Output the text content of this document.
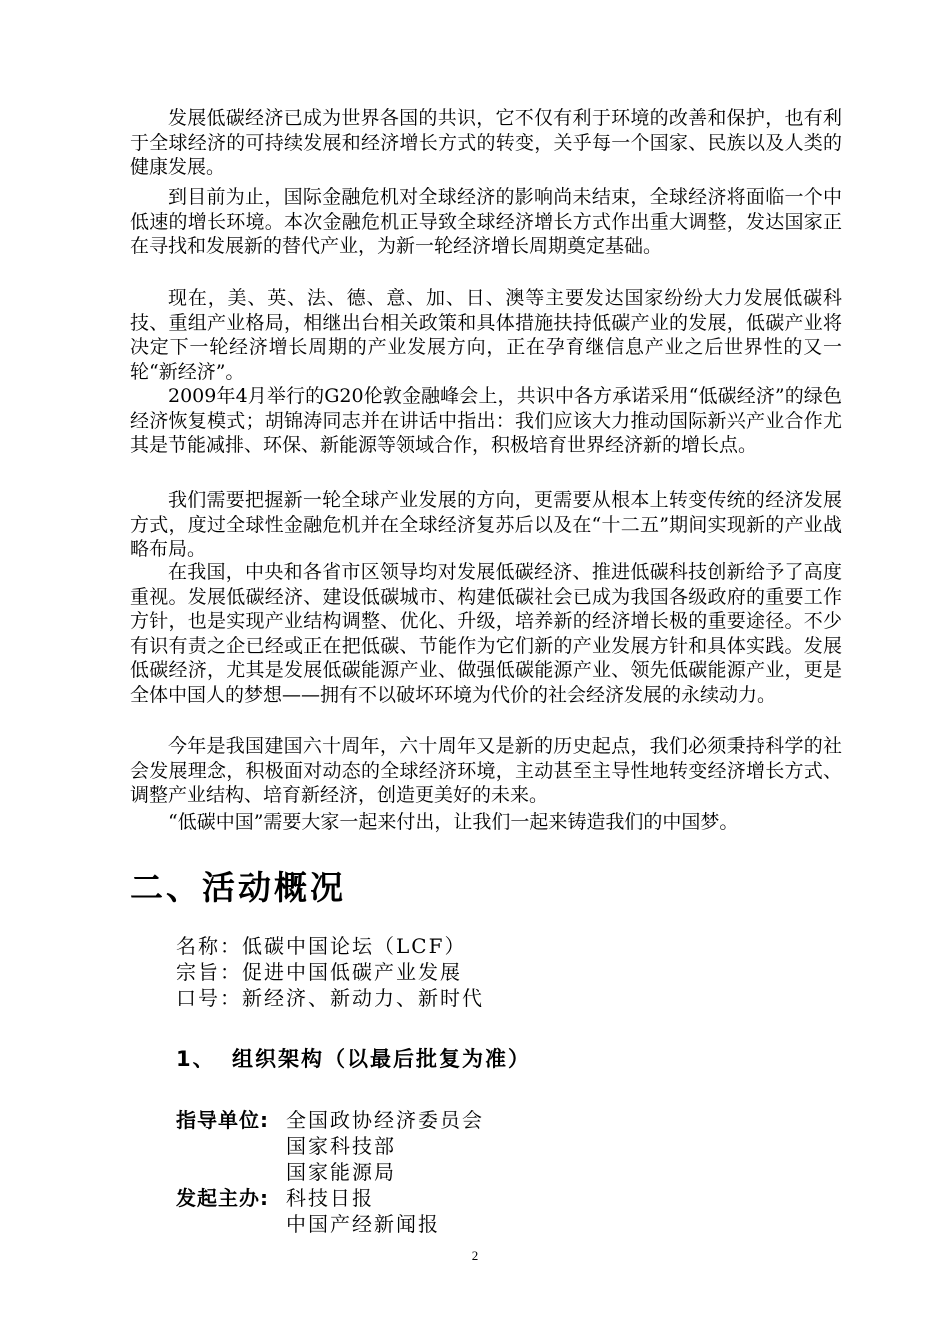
发展低碳经济已成为世界各国的共识，它不仅有利于环境的改善和保护，也有利于全球经济的可持续发展和经济增长方式的转变，关乎每一个国家、民族以及人类的健康发展。

到目前为止，国际金融危机对全球经济的影响尚未结束，全球经济将面临一个中低速的增长环境。本次金融危机正导致全球经济增长方式作出重大调整，发达国家正在寻找和发展新的替代产业，为新一轮经济增长周期奠定基础。

现在，美、英、法、德、意、加、日、澳等主要发达国家纷纷大力发展低碳科技、重组产业格局，相继出台相关政策和具体措施扶持低碳产业的发展，低碳产业将决定下一轮经济增长周期的产业发展方向，正在孕育继信息产业之后世界性的又一轮“新经济”。

2009年4月举行的G20伦敦金融峰会上，共识中各方承诺采用“低碳经济”的绿色经济恢复模式；胡锦涛同志并在讲话中指出：我们应该大力推动国际新兴产业合作尤其是节能减排、环保、新能源等领域合作，积极培育世界经济新的增长点。

我们需要把握新一轮全球产业发展的方向，更需要从根本上转变传统的经济发展方式，度过全球性金融危机并在全球经济复苏后以及在“十二五”期间实现新的产业战略布局。

在我国，中央和各省市区领导均对发展低碳经济、推进低碳科技创新给予了高度重视。发展低碳经济、建设低碳城市、构建低碳社会已成为我国各级政府的重要工作方针，也是实现产业结构调整、优化、升级，培养新的经济增长极的重要途径。不少有识有责之企已经或正在把低碳、节能作为它们新的产业发展方针和具体实践。发展低碳经济，尤其是发展低碳能源产业、做强低碳能源产业、领先低碳能源产业，更是全体中国人的梦想——拥有不以破坏环境为代价的社会经济发展的永续动力。

今年是我国建国六十周年，六十周年又是新的历史起点，我们必须秉持科学的社会发展理念，积极面对动态的全球经济环境，主动甚至主导性地转变经济增长方式、调整产业结构、培育新经济，创造更美好的未来。

“低碳中国”需要大家一起来付出，让我们一起来铸造我们的中国梦。

二、活动概况
名称：低碳中国论坛（LCF）
宗旨：促进中国低碳产业发展
口号：新经济、新动力、新时代
1、 组织架构（以最后批复为准）
指导单位: 全国政协经济委员会
国家科技部
国家能源局
发起主办: 科技日报
中国产经新闻报
2
